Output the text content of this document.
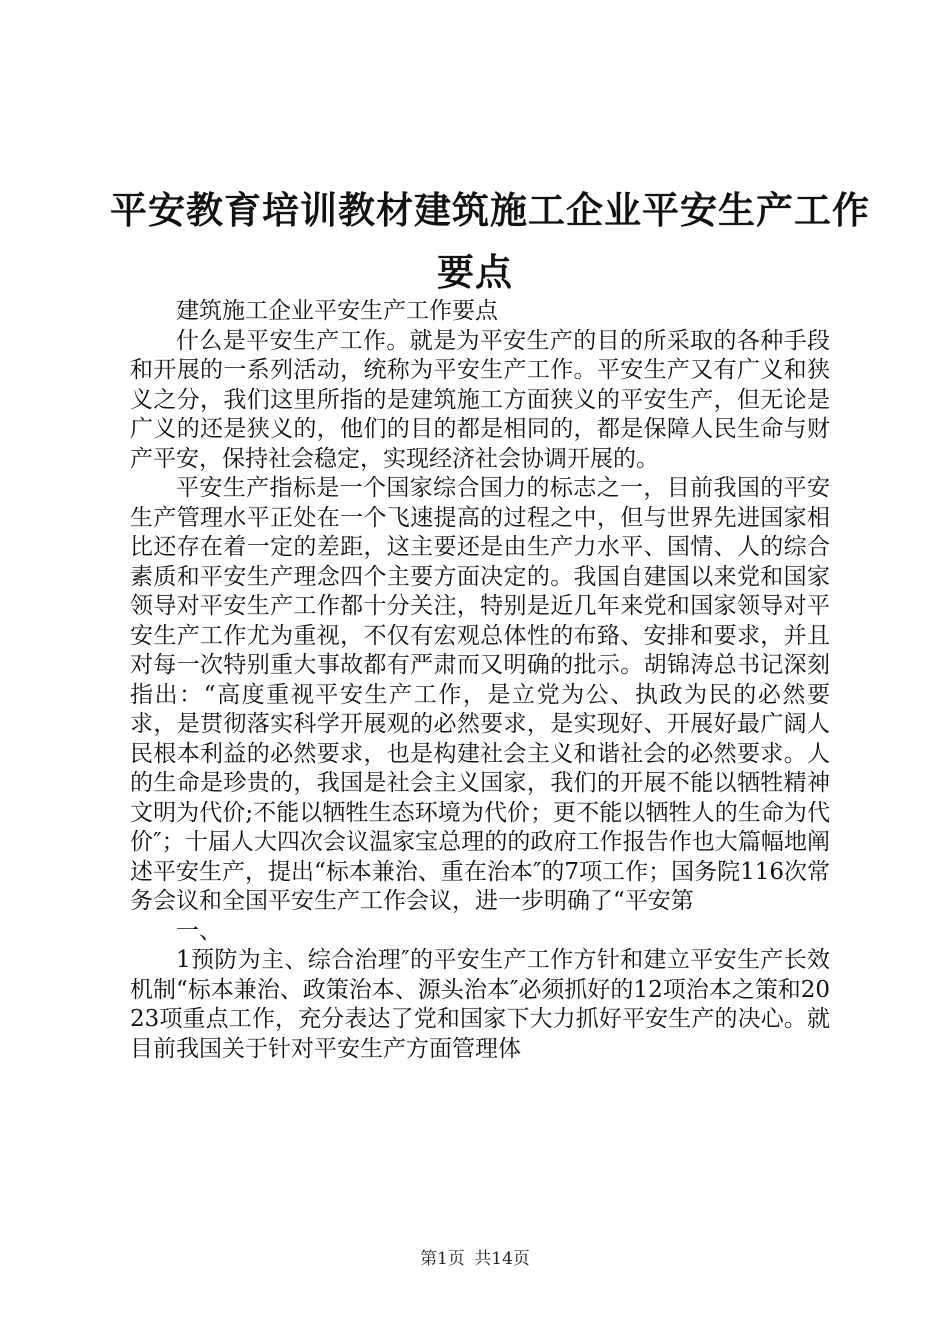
平安教育培训教材建筑施工企业平安生产工作
要点

建筑施工企业平安生产工作要点

什么是平安生产工作。就是为平安生产的目的所采取的各种手段和开展的一系列活动，统称为平安生产工作。平安生产又有广义和狭义之分，我们这里所指的是建筑施工方面狭义的平安生产，但无论是广义的还是狭义的，他们的目的都是相同的，都是保障人民生命与财产平安，保持社会稳定，实现经济社会协调开展的。

平安生产指标是一个国家综合国力的标志之一，目前我国的平安生产管理水平正处在一个飞速提高的过程之中，但与世界先进国家相比还存在着一定的差距，这主要还是由生产力水平、国情、人的综合素质和平安生产理念四个主要方面决定的。我国自建国以来党和国家领导对平安生产工作都十分关注，特别是近几年来党和国家领导对平安生产工作尤为重视，不仅有宏观总体性的布臵、安排和要求，并且对每一次特别重大事故都有严肃而又明确的批示。胡锦涛总书记深刻指出：“高度重视平安生产工作，是立党为公、执政为民的必然要求，是贯彻落实科学开展观的必然要求，是实现好、开展好最广阔人民根本利益的必然要求，也是构建社会主义和谐社会的必然要求。人的生命是珍贵的，我国是社会主义国家，我们的开展不能以牺牲精神文明为代价;不能以牺牲生态环境为代价；更不能以牺牲人的生命为代价″；十届人大四次会议温家宝总理的的政府工作报告作也大篇幅地阐述平安生产，提出“标本兼治、重在治本″的7项工作；国务院116次常务会议和全国平安生产工作会议，进一步明确了“平安第

一、

1预防为主、综合治理″的平安生产工作方针和建立平安生产长效机制“标本兼治、政策治本、源头治本″必须抓好的12项治本之策和2023项重点工作，充分表达了党和国家下大力抓好平安生产的决心。就目前我国关于针对平安生产方面管理体

第1页 共14页
